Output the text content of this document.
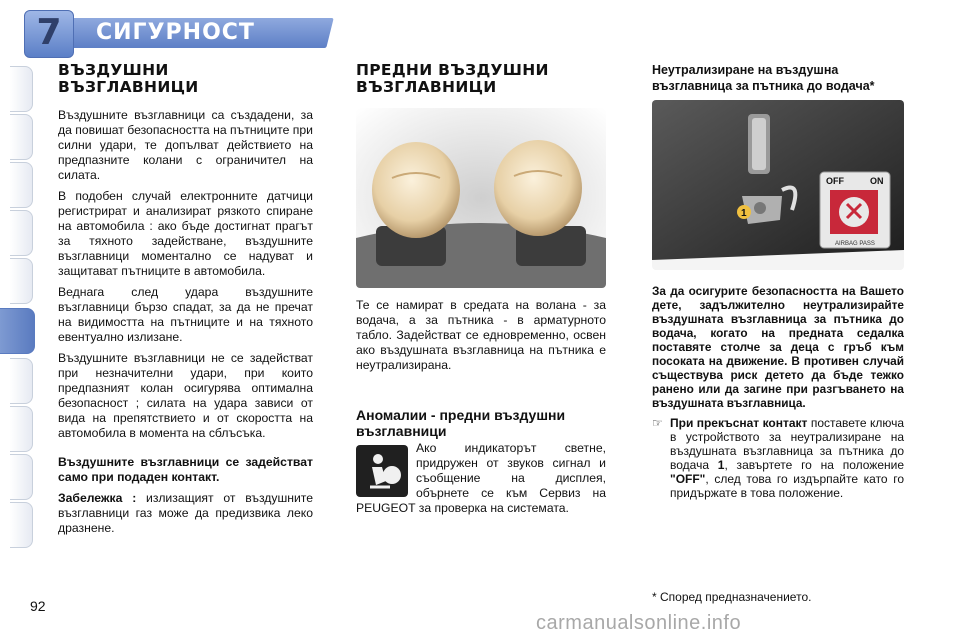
7	СИГУРНОСТ
ВЪЗДУШНИ ВЪЗГЛАВНИЦИ

Въздушните възглавници са създадени, за да повишат безопасността на пътниците при силни удари, те допълват действието на предпазните колани с ограничител на силата.

В подобен случай електронните датчици регистрират и анализират рязкото спиране на автомобила : ако бъде достигнат прагът за тяхното задействане, въздушните възглавници моментално се надуват и защитават пътниците в автомобила.

Веднага след удара въздушните възглавници бързо спадат, за да не пречат на видимостта на пътниците и на тяхното евентуално излизане.

Въздушните възглавници не се задействат при незначителни удари, при които предпазният колан осигурява оптимална безопасност ; силата на удара зависи от вида на препятствието и от скоростта на автомобила в момента на сблъсъка.

Въздушните възглавници се задействат само при подаден контакт.

Забележка : излизащият от въздушните възглавници газ може да предизвика леко дразнене.

ПРЕДНИ ВЪЗДУШНИ ВЪЗГЛАВНИЦИ

Те се намират в средата на волана - за водача, а за пътника - в арматурното табло. Задействат се едновременно, освен ако въздушната възглавница на пътника е неутрализирана.

Аномалии - предни въздушни възглавници

Ако индикаторът светне, придружен от звуков сигнал и съобщение на дисплея, обърнете се към Сервиз на PEUGEOT за проверка на системата.

Неутрализиране на въздушна възглавница за пътника до водача*
1
OFF	ON
AIRBAG PASS

За да осигурите безопасността на Вашето дете, задължително неутрализирайте въздушната възглавница за пътника до водача, когато на предната седалка поставяте столче за деца с гръб към посоката на движение. В противен случай съществува риск детето да бъде тежко ранено или да загине при разгъването на въздушната възглавница.

☞ При прекъснат контакт поставете ключа в устройството за неутрализиране на въздушната възглавница за пътника до водача 1, завъртете го на положение "OFF", след това го издърпайте като го придържате в това положение.

92
* Според предназначението.
carmanualsonline.info
